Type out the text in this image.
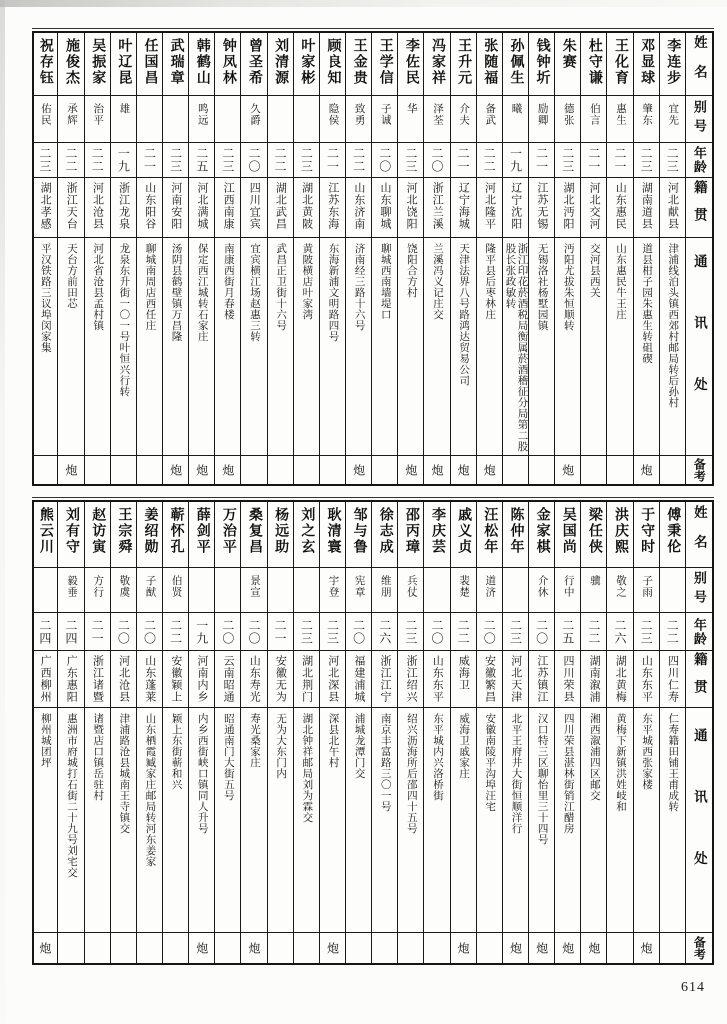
姓名
别号
年龄
籍贯
通讯处
备考
李连步
宜先
二三
河北献县
津浦线泊头镇西郊村邮局转后孙村
邓显球
肇东
二三
湖南道县
道县柑子园朱惠生转砠碶
炮
王化育
惠生
二一
山东惠民
山东惠民牛王庄
杜守谦
伯言
二一
河北交河
交河县西关
朱赛
德张
二三
湖北沔阳
沔阳尤拔朱恒顺转
炮
钱钟圻
励卿
二一
江苏无锡
无锡洛社杨墅园镇
孙佩生
曦
一九
辽宁沈阳
浙江印花菸酒税局衡属菸酒稽征分局第二股股长张政敏转
张随福
备武
二二
河北隆平
隆平县后枣林庄
炮
王升元
介夫
二一
辽宁海城
天津法界八号路鸿达贸易公司
炮
冯家祥
泽荃
二〇
浙江兰溪
兰溪冯义记庄交
炮
李佐民
华
二三
河北饶阳
饶阳合方村
炮
王学信
子诚
二〇
山东聊城
聊城西南墙堤口
王金贵
致勇
二二
山东济南
济南经三路十六号
炮
顾良知
隐侯
二一
江苏东海
东海新浦文明路四号
叶家彬
二三
湖北黄陂
黄陂横店叶家湾
刘清源
二二
湖北武昌
武昌正卫街十六号
曾圣希
久爵
二〇
四川宜宾
宜宾横江场赵惠三转
钟凤林
二三
江西南康
南康西街月春楼
炮
韩鹤山
鸣远
二五
河北满城
保定西江城转石家庄
炮
武瑞章
二三
河南安阳
汤阴县鹤壁镇万昌隆
炮
任国昌
二一
山东阳谷
聊城南周店西任庄
叶辽昆
雄
一九
浙江龙泉
龙泉东升街一〇一号叶恒兴行转
吴振家
治平
二二
河北沧县
河北省沧县孟村镇
施俊杰
承辉
二二
浙江天台
天台方前田芯
炮
祝存钰
佑民
二三
湖北孝感
平汉铁路三议埠闵家集
姓名
别号
年龄
籍贯
通讯处
备考
傅秉伦
二二
四川仁寿
仁寿籍田铺王甫成转
于守时
子雨
二三
山东东平
东平城西张家楼
炮
洪庆熙
敬之
二六
湖北黄梅
黄梅下新镇洪姓岐和
梁任侠
骥
二二
湖南溆浦
湘西溆浦四区邮交
炮
吴国尚
行中
二五
四川荣县
四川荣县湛林街销江醋房
炮
金家棋
介休
二〇
江苏镇江
汉口特三区聊怡里三十四号
炮
陈仲年
二三
河北天津
北平王府井大街恒顺洋行
炮
汪松年
道济
二〇
安徽繁昌
安徽南陵平沟埠汪宅
戚义贞
裴楚
二二
威海卫
威海卫戚家庄
炮
李庆芸
二〇
山东东平
东平城内兴洛桥街
邵丙璋
兵仗
二三
浙江绍兴
绍兴沥海所后邵四十五号
徐志成
维朋
二六
浙江江宁
南京丰富路三〇一号
邹与鲁
宪章
二〇
福建浦城
浦城龙潭门交
耿清寰
宇登
二三
河北深县
深县北午村
炮
刘之玄
二三
湖北荆门
湖北钟祥邮局刘为霖交
杨远助
二一
安徽无为
无为大东门内
桑复昌
景宣
二〇
山东寿光
寿光桑家庄
炮
万治平
二〇
云南昭通
昭通南门大街五号
薛剑平
一九
河南内乡
内乡西街峡口镇同人升号
炮
蕲怀孔
伯贤
二二
安徽颖上
颖上东街蕲和兴
姜绍勋
子猷
二〇
山东蓬莱
山东栖霞臧家庄邮局转河东姜家
王宗舜
敬虞
二〇
河北沧县
津浦路沧县城南王寺镇交
赵访寅
方行
二一
浙江诸暨
诸暨店口镇岳驻村
刘有守
毅垂
二四
广东惠阳
惠洲市府城打石街二十九号刘宅交
熊云川
二四
广西柳州
柳州城团坪
炮
614
